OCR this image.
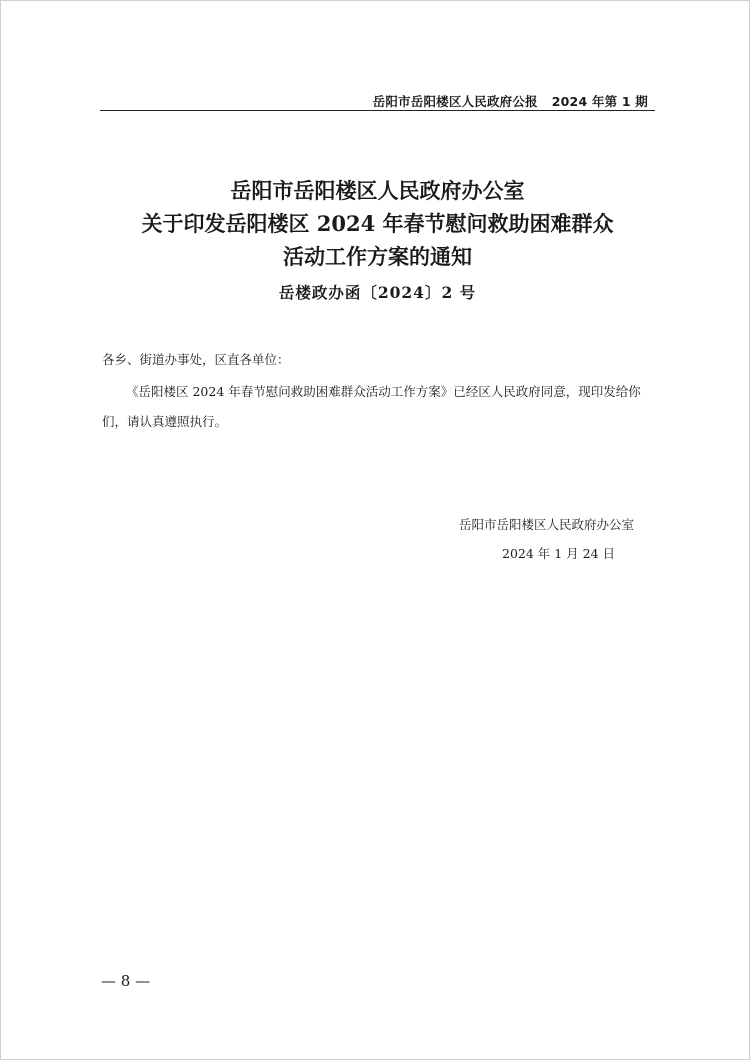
岳阳市岳阳楼区人民政府公报 2024 年第 1 期
岳阳市岳阳楼区人民政府办公室
关于印发岳阳楼区 2024 年春节慰问救助困难群众
活动工作方案的通知
岳楼政办函〔2024〕2 号
各乡、街道办事处，区直各单位：
《岳阳楼区 2024 年春节慰问救助困难群众活动工作方案》已经区人民政府同意，现印发给你们，请认真遵照执行。
岳阳市岳阳楼区人民政府办公室
2024 年 1 月 24 日
— 8 —
